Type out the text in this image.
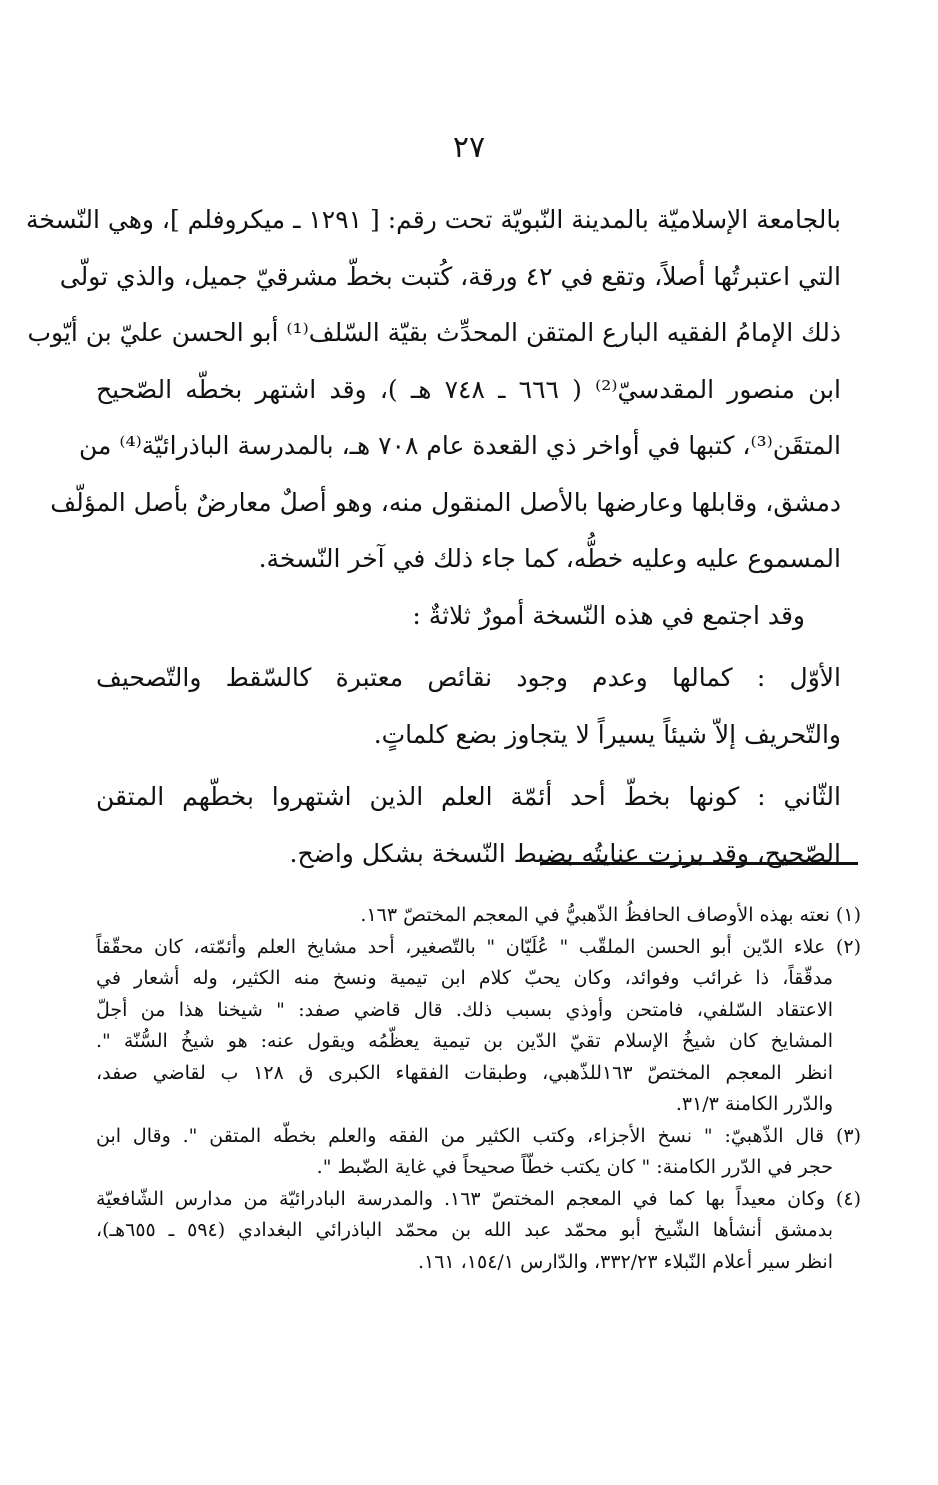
٢٧
بالجامعة الإسلاميّة بالمدينة النّبويّة تحت رقم: [ ١٢٩١ ـ ميكروفلم ]، وهي النّسخة
التي اعتبرتُها أصلاً، وتقع في ٤٢ ورقة، كُتبت بخطّ مشرقيّ جميل، والذي تولّى
ذلك الإمامُ الفقيه البارع المتقن المحدِّث بقيّة السّلف⁽¹⁾ أبو الحسن عليّ بن أيّوب
ابن منصور المقدسيّ⁽²⁾ ( ٦٦٦ ـ ٧٤٨ هـ )، وقد اشتهر بخطّه الصّحيح
المتقَن⁽³⁾، كتبها في أواخر ذي القعدة عام ٧٠٨ هـ، بالمدرسة الباذرائيّة⁽⁴⁾ من
دمشق، وقابلها وعارضها بالأصل المنقول منه، وهو أصلٌ معارضٌ بأصل المؤلّف
المسموع عليه وعليه خطُّه، كما جاء ذلك في آخر النّسخة.
وقد اجتمع في هذه النّسخة أمورٌ ثلاثةٌ :
الأوّل : كمالها وعدم وجود نقائص معتبرة كالسّقط والتّصحيف
والتّحريف إلاّ شيئاً يسيراً لا يتجاوز بضع كلماتٍ.
الثّاني : كونها بخطّ أحد أئمّة العلم الذين اشتهروا بخطّهم المتقن
الصّحيح، وقد برزت عنايتُه بضبط النّسخة بشكل واضح.
(١) نعته بهذه الأوصاف الحافظُ الذّهبيُّ في المعجم المختصّ ١٦٣.
(٢) علاء الدّين أبو الحسن الملقّب " عُلَيّان " بالتّصغير، أحد مشايخ العلم وأئمّته، كان محقّقاً
مدقّقاً، ذا غرائب وفوائد، وكان يحبّ كلام ابن تيمية ونسخ منه الكثير، وله أشعار في
الاعتقاد السّلفي، فامتحن وأوذي بسبب ذلك. قال قاضي صفد: " شيخنا هذا من أجلّ
المشايخ كان شيخُ الإسلام تقيّ الدّين بن تيمية يعظّمُه ويقول عنه: هو شيخُ السُّنّة ".
انظر المعجم المختصّ ١٦٣للذّهبي، وطبقات الفقهاء الكبرى ق ١٢٨ ب لقاضي صفد،
والدّرر الكامنة ٣١/٣.
(٣) قال الذّهبيّ: " نسخ الأجزاء، وكتب الكثير من الفقه والعلم بخطّه المتقن ". وقال ابن
حجر في الدّرر الكامنة: " كان يكتب خطّاً صحيحاً في غاية الضّبط ".
(٤) وكان معيداً بها كما في المعجم المختصّ ١٦٣. والمدرسة البادرائيّة من مدارس الشّافعيّة
بدمشق أنشأها الشّيخ أبو محمّد عبد الله بن محمّد الباذرائي البغدادي (٥٩٤ ـ ٦٥٥هـ)،
انظر سير أعلام النّبلاء ٣٣٢/٢٣، والدّارس ١٥٤/١، ١٦١.
